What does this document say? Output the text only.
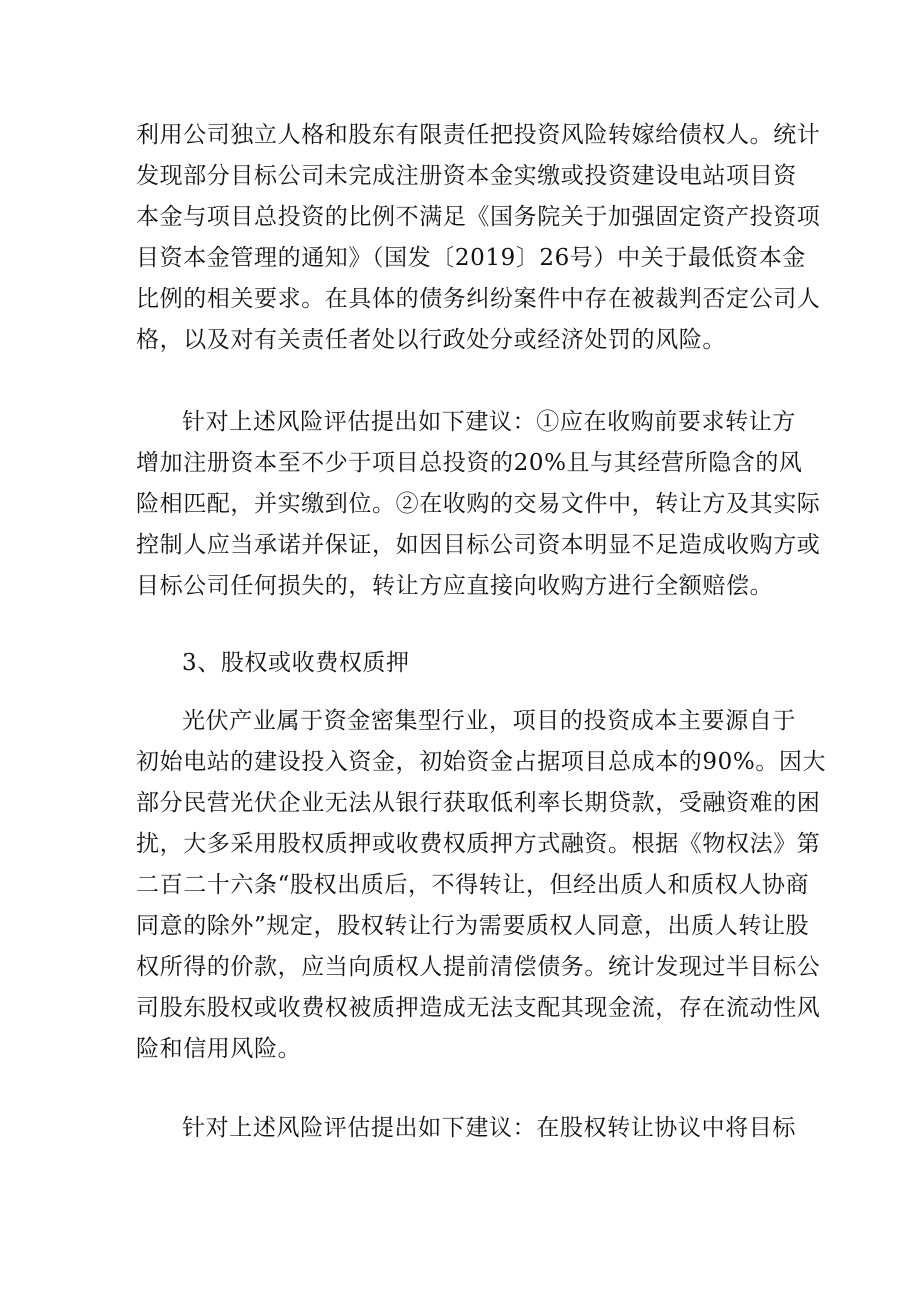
利用公司独立人格和股东有限责任把投资风险转嫁给债权人。统计
发现部分目标公司未完成注册资本金实缴或投资建设电站项目资
本金与项目总投资的比例不满足《国务院关于加强固定资产投资项
目资本金管理的通知》（国发〔2019〕26号）中关于最低资本金
比例的相关要求。在具体的债务纠纷案件中存在被裁判否定公司人
格，以及对有关责任者处以行政处分或经济处罚的风险。

针对上述风险评估提出如下建议：①应在收购前要求转让方
增加注册资本至不少于项目总投资的20%且与其经营所隐含的风
险相匹配，并实缴到位。②在收购的交易文件中，转让方及其实际
控制人应当承诺并保证，如因目标公司资本明显不足造成收购方或
目标公司任何损失的，转让方应直接向收购方进行全额赔偿。

3、股权或收费权质押

光伏产业属于资金密集型行业，项目的投资成本主要源自于
初始电站的建设投入资金，初始资金占据项目总成本的90%。因大
部分民营光伏企业无法从银行获取低利率长期贷款，受融资难的困
扰，大多采用股权质押或收费权质押方式融资。根据《物权法》第
二百二十六条“股权出质后，不得转让，但经出质人和质权人协商
同意的除外”规定，股权转让行为需要质权人同意，出质人转让股
权所得的价款，应当向质权人提前清偿债务。统计发现过半目标公
司股东股权或收费权被质押造成无法支配其现金流，存在流动性风
险和信用风险。

针对上述风险评估提出如下建议：在股权转让协议中将目标
